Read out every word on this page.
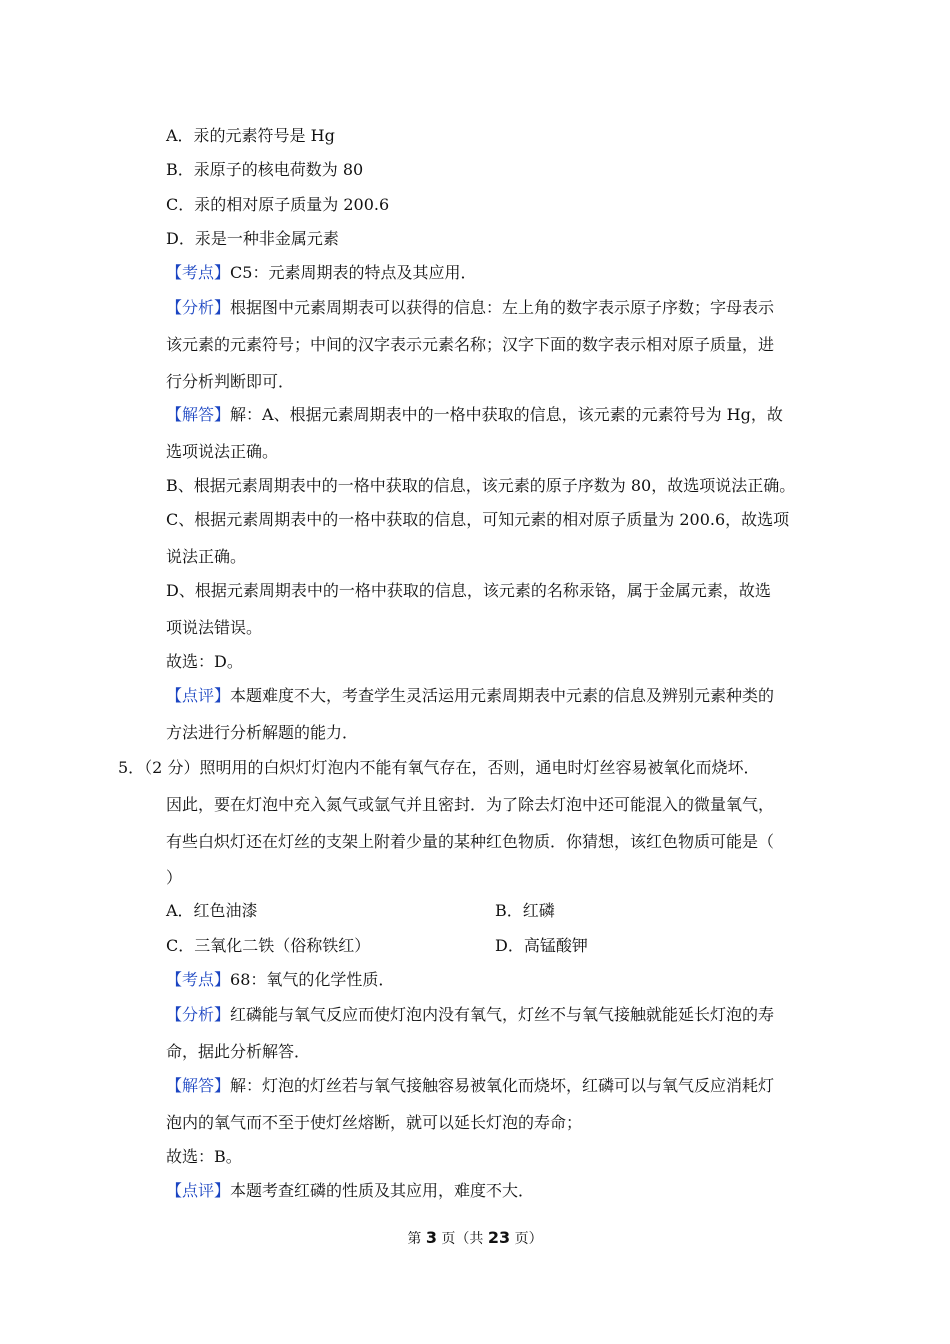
A．汞的元素符号是 Hg
B．汞原子的核电荷数为 80
C．汞的相对原子质量为 200.6
D．汞是一种非金属元素
【考点】C5：元素周期表的特点及其应用．
【分析】根据图中元素周期表可以获得的信息：左上角的数字表示原子序数；字母表示
该元素的元素符号；中间的汉字表示元素名称；汉字下面的数字表示相对原子质量，进
行分析判断即可．
【解答】解：A、根据元素周期表中的一格中获取的信息，该元素的元素符号为 Hg，故
选项说法正确。
B、根据元素周期表中的一格中获取的信息，该元素的原子序数为 80，故选项说法正确。
C、根据元素周期表中的一格中获取的信息，可知元素的相对原子质量为 200.6，故选项
说法正确。
D、根据元素周期表中的一格中获取的信息，该元素的名称汞铬，属于金属元素，故选
项说法错误。
故选：D。
【点评】本题难度不大，考查学生灵活运用元素周期表中元素的信息及辨别元素种类的
方法进行分析解题的能力．
5．（2 分）照明用的白炽灯灯泡内不能有氧气存在，否则，通电时灯丝容易被氧化而烧坏．
因此，要在灯泡中充入氮气或氩气并且密封．为了除去灯泡中还可能混入的微量氧气，
有些白炽灯还在灯丝的支架上附着少量的某种红色物质．你猜想，该红色物质可能是（
）
A．红色油漆	B．红磷
C．三氧化二铁（俗称铁红）	D．高锰酸钾
【考点】68：氧气的化学性质．
【分析】红磷能与氧气反应而使灯泡内没有氧气，灯丝不与氧气接触就能延长灯泡的寿
命，据此分析解答．
【解答】解：灯泡的灯丝若与氧气接触容易被氧化而烧坏，红磷可以与氧气反应消耗灯
泡内的氧气而不至于使灯丝熔断，就可以延长灯泡的寿命；
故选：B。
【点评】本题考查红磷的性质及其应用，难度不大．
第 3 页（共 23 页）
